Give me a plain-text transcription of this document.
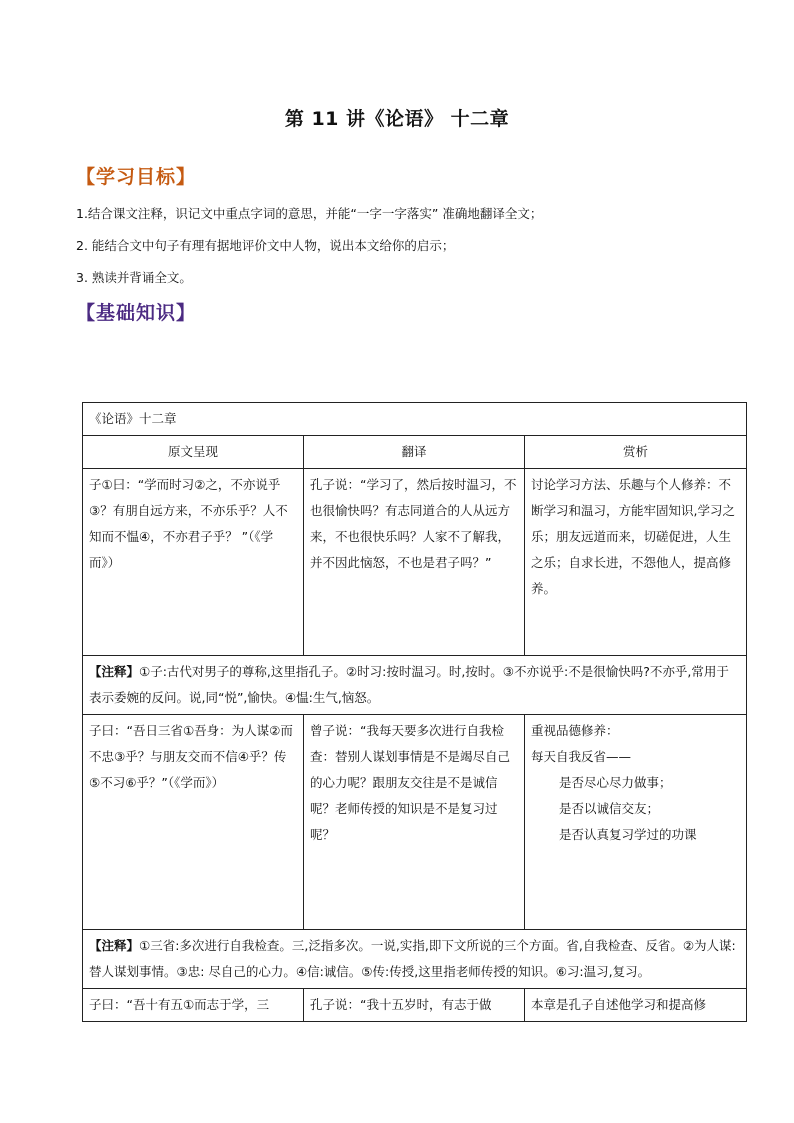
第 11 讲《论语》 十二章
【学习目标】
1.结合课文注释，识记文中重点字词的意思，并能“一字一字落实” 准确地翻译全文；
2. 能结合文中句子有理有据地评价文中人物，说出本文给你的启示；
3. 熟读并背诵全文。
【基础知识】
《论语》十二章		
原文呈现	翻译	赏析
子①曰：“学而时习②之，不亦说乎③？有朋自远方来，不亦乐乎？人不知而不愠④，不亦君子乎？ ”（《学而》）	孔子说：“学习了，然后按时温习，不也很愉快吗？有志同道合的人从远方来，不也很快乐吗？人家不了解我，并不因此恼怒，不也是君子吗？”	讨论学习方法、乐趣与个人修养：不断学习和温习，方能牢固知识,学习之乐；朋友远道而来，切磋促进，人生之乐；自求长进，不怨他人，提高修养。
【注释】①子:古代对男子的尊称,这里指孔子。②时习:按时温习。时,按时。③不亦说乎:不是很愉快吗?不亦乎,常用于表示委婉的反问。说,同“悦”,愉快。④愠:生气,恼怒。		
子曰：“吾日三省①吾身：为人谋②而不忠③乎？与朋友交而不信④乎？传⑤不习⑥乎？”（《学而》）	曾子说：“我每天要多次进行自我检查：替别人谋划事情是不是竭尽自己的心力呢？跟朋友交往是不是诚信呢？老师传授的知识是不是复习过呢？	重视品德修养：
每天自我反省——
是否尽心尽力做事；
是否以诚信交友；
是否认真复习学过的功课

【注释】①三省:多次进行自我检查。三,泛指多次。一说,实指,即下文所说的三个方面。省,自我检查、反省。②为人谋:替人谋划事情。③忠: 尽自己的心力。④信:诚信。⑤传:传授,这里指老师传授的知识。⑥习:温习,复习。		
子曰：“吾十有五①而志于学，三	孔子说：“我十五岁时，有志于做	本章是孔子自述他学习和提高修
